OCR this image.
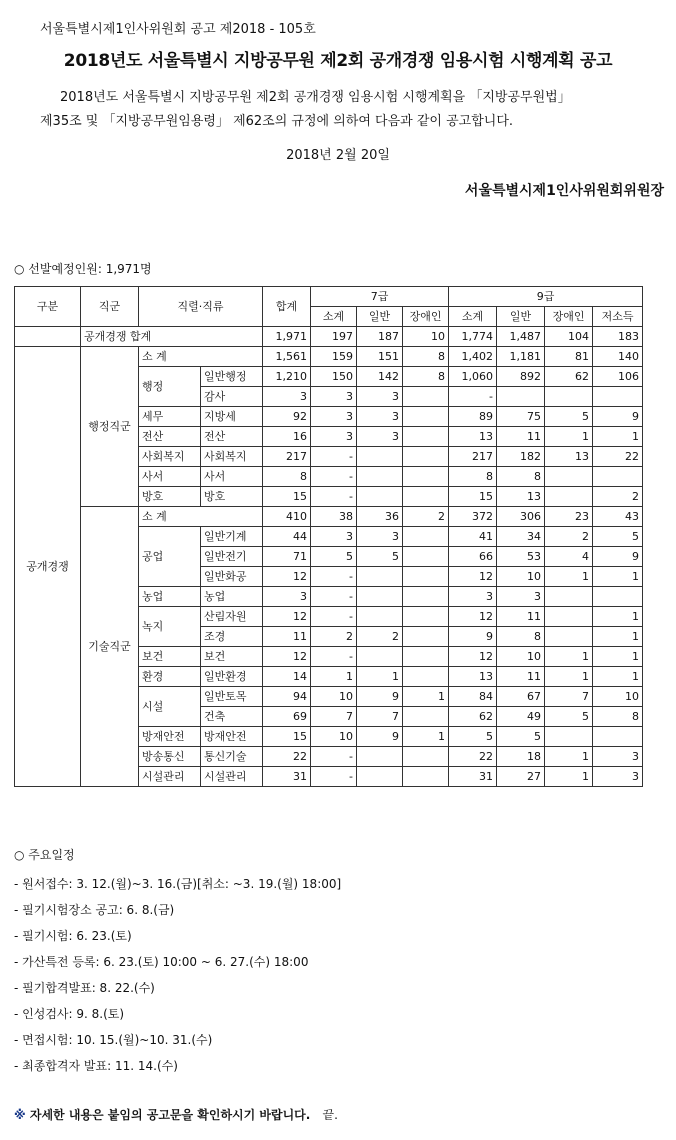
서울특별시제1인사위원회 공고 제2018 - 105호
2018년도 서울특별시 지방공무원 제2회 공개경쟁 임용시험 시행계획 공고
2018년도 서울특별시 지방공무원 제2회 공개경쟁 임용시험 시행계획을 「지방공무원법」
제35조 및 「지방공무원임용령」 제62조의 규정에 의하여 다음과 같이 공고합니다.
2018년 2월 20일
서울특별시제1인사위원회위원장
○ 선발예정인원: 1,971명
구분	직군	직렬·직류		합계	7급			9급			
					소계	일반	장애인	소계	일반	장애인	저소득
	공개경쟁 합계			1,971	197	187	10	1,774	1,487	104	183
공개경쟁	행정직군	소 계		1,561	159	151	8	1,402	1,181	81	140
		행정	일반행정	1,210	150	142	8	1,060	892	62	106
			감사	3	3	3		-			
		세무	지방세	92	3	3		89	75	5	9
		전산	전산	16	3	3		13	11	1	1
		사회복지	사회복지	217	-			217	182	13	22
		사서	사서	8	-			8	8		
		방호	방호	15	-			15	13		2
	기술직군	소 계		410	38	36	2	372	306	23	43
		공업	일반기계	44	3	3		41	34	2	5
			일반전기	71	5	5		66	53	4	9
			일반화공	12	-			12	10	1	1
		농업	농업	3	-			3	3		
		녹지	산림자원	12	-			12	11		1
			조경	11	2	2		9	8		1
		보건	보건	12	-			12	10	1	1
		환경	일반환경	14	1	1		13	11	1	1
		시설	일반토목	94	10	9	1	84	67	7	10
			건축	69	7	7		62	49	5	8
		방재안전	방재안전	15	10	9	1	5	5		
		방송통신	통신기술	22	-			22	18	1	3
		시설관리	시설관리	31	-			31	27	1	3
○ 주요일정
- 원서접수: 3. 12.(월)~3. 16.(금)[취소: ~3. 19.(월) 18:00]
- 필기시험장소 공고: 6. 8.(금)
- 필기시험: 6. 23.(토)
- 가산특전 등록: 6. 23.(토) 10:00 ~ 6. 27.(수) 18:00
- 필기합격발표: 8. 22.(수)
- 인성검사: 9. 8.(토)
- 면접시험: 10. 15.(월)~10. 31.(수)
- 최종합격자 발표: 11. 14.(수)
※ 자세한 내용은 붙임의 공고문을 확인하시기 바랍니다. 끝.
